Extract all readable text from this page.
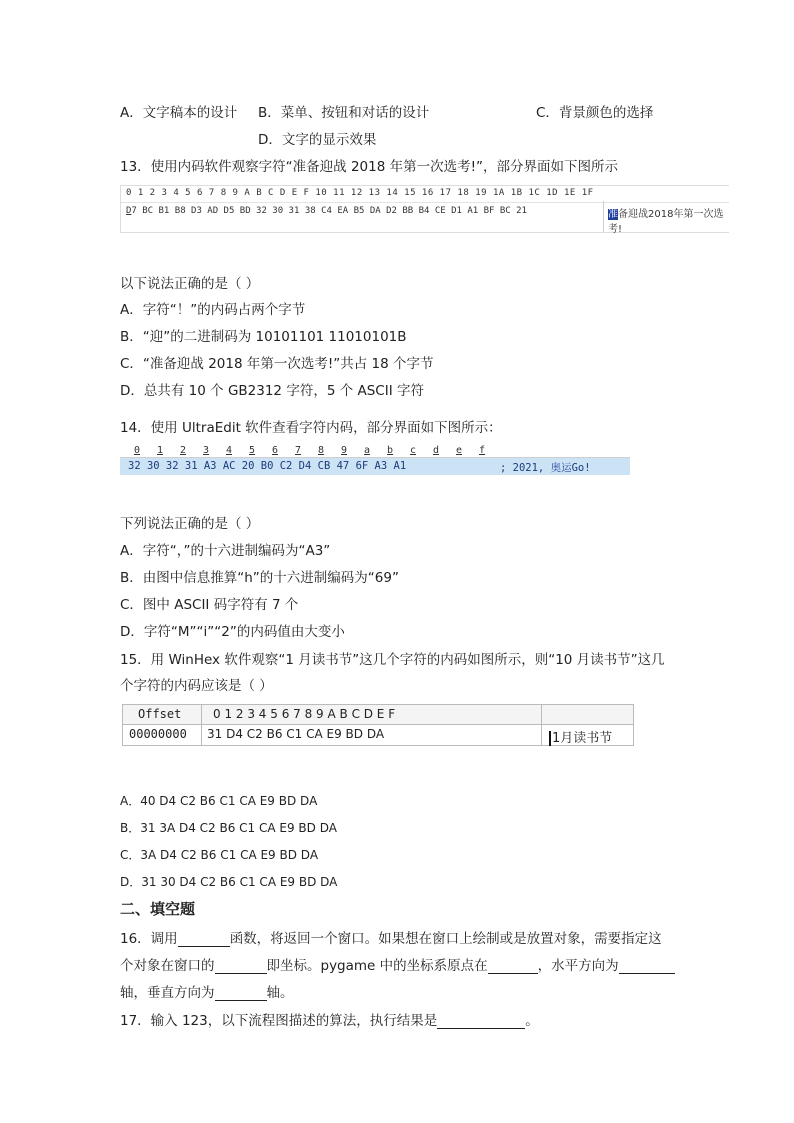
A．文字稿本的设计 B．菜单、按钮和对话的设计	C．背景颜色的选择
D．文字的显示效果
13．使用内码软件观察字符“准备迎战 2018 年第一次选考!”，部分界面如下图所示
0 1 2 3 4 5 6 7 8 9 A B C D E F 10 11 12 13 14 15 16 17 18 19 1A 1B 1C 1D 1E 1F
D7 BC B1 B8 D3 AD D5 BD 32 30 31 38 C4 EA B5 DA D2 BB B4 CE D1 A1 BF BC 21	准备迎战2018年第一次选考!
以下说法正确的是（ ）
A．字符“！”的内码占两个字节
B．“迎”的二进制码为 10101101 11010101B
C．“准备迎战 2018 年第一次选考!”共占 18 个字节
D．总共有 10 个 GB2312 字符，5 个 ASCII 字符
14．使用 UltraEdit 软件查看字符内码，部分界面如下图所示：
0 1 2 3 4 5 6 7 8 9 a b c d e f
32 30 32 31 A3 AC 20 B0 C2 D4 CB 47 6F A3 A1	; 2021, 奥运Go!
下列说法正确的是（ ）
A．字符“，”的十六进制编码为“A3”
B．由图中信息推算“h”的十六进制编码为“69”
C．图中 ASCII 码字符有 7 个
D．字符“M”“i”“2”的内码值由大变小
15．用 WinHex 软件观察“1 月读书节”这几个字符的内码如图所示，则“10 月读书节”这几
个字符的内码应该是（ ）
Offset	0 1 2 3 4 5 6 7 8 9 A B C D E F
00000000 31 D4 C2 B6 C1 CA E9 BD DA	1月读书节
A．40 D4 C2 B6 C1 CA E9 BD DA
B．31 3A D4 C2 B6 C1 CA E9 BD DA
C．3A D4 C2 B6 C1 CA E9 BD DA
D．31 30 D4 C2 B6 C1 CA E9 BD DA
二、填空题
16．调用	函数，将返回一个窗口。如果想在窗口上绘制或是放置对象，需要指定这
个对象在窗口的	即坐标。pygame 中的坐标系原点在	，水平方向为
轴，垂直方向为	轴。
17．输入 123，以下流程图描述的算法，执行结果是	。
